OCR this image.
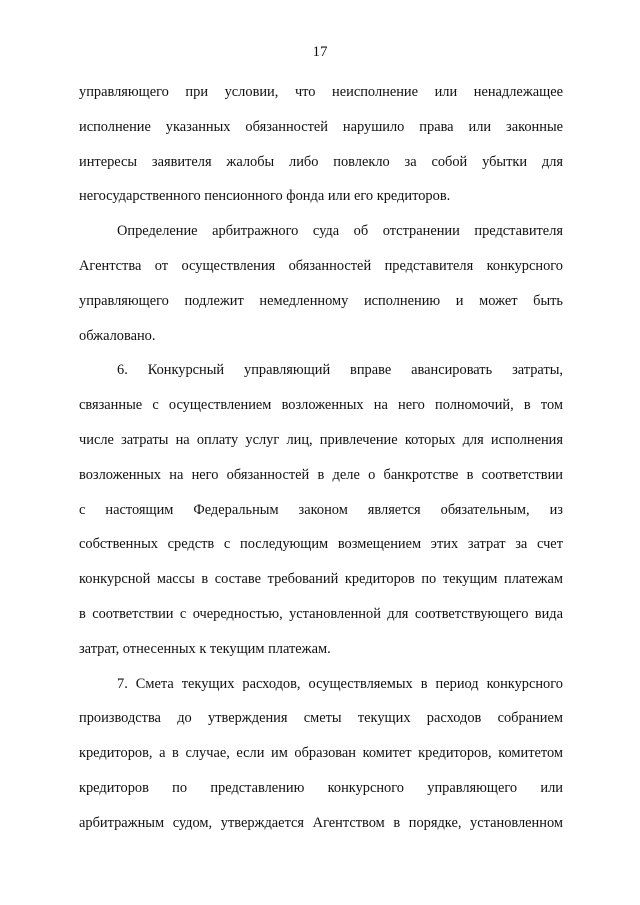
17
управляющего при условии, что неисполнение или ненадлежащее
исполнение указанных обязанностей нарушило права или законные
интересы заявителя жалобы либо повлекло за собой убытки для
негосударственного пенсионного фонда или его кредиторов.
Определение арбитражного суда об отстранении представителя
Агентства от осуществления обязанностей представителя конкурсного
управляющего подлежит немедленному исполнению и может быть
обжаловано.
6. Конкурсный управляющий вправе авансировать затраты,
связанные с осуществлением возложенных на него полномочий, в том
числе затраты на оплату услуг лиц, привлечение которых для исполнения
возложенных на него обязанностей в деле о банкротстве в соответствии
с настоящим Федеральным законом является обязательным, из
собственных средств с последующим возмещением этих затрат за счет
конкурсной массы в составе требований кредиторов по текущим платежам
в соответствии с очередностью, установленной для соответствующего вида
затрат, отнесенных к текущим платежам.
7. Смета текущих расходов, осуществляемых в период конкурсного
производства до утверждения сметы текущих расходов собранием
кредиторов, а в случае, если им образован комитет кредиторов, комитетом
кредиторов по представлению конкурсного управляющего или
арбитражным судом, утверждается Агентством в порядке, установленном
